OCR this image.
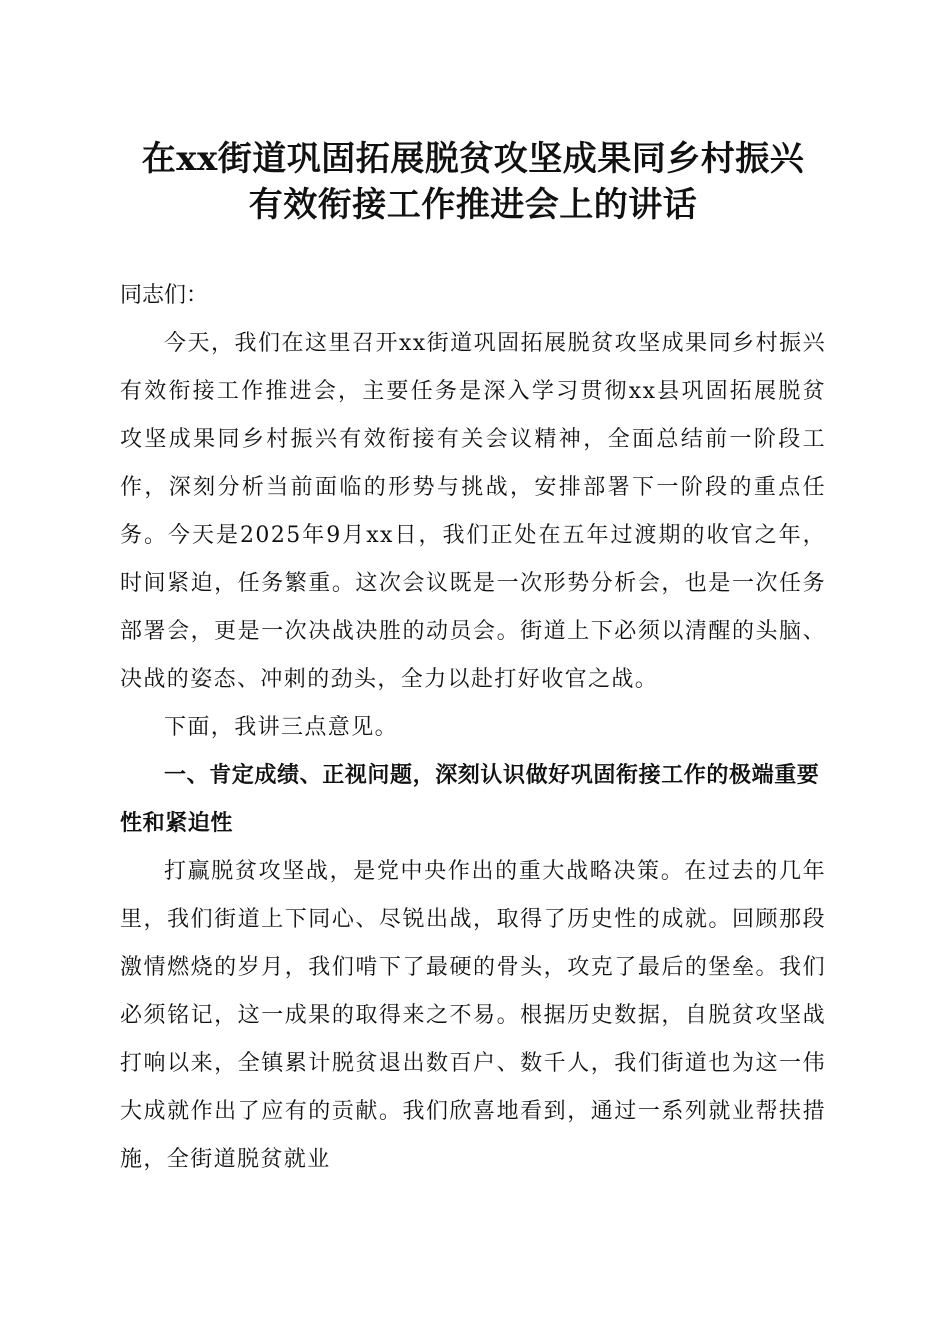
在xx街道巩固拓展脱贫攻坚成果同乡村振兴
有效衔接工作推进会上的讲话
同志们：

今天，我们在这里召开xx街道巩固拓展脱贫攻坚成果同乡村振兴有效衔接工作推进会，主要任务是深入学习贯彻xx县巩固拓展脱贫攻坚成果同乡村振兴有效衔接有关会议精神，全面总结前一阶段工作，深刻分析当前面临的形势与挑战，安排部署下一阶段的重点任务。今天是2025年9月xx日，我们正处在五年过渡期的收官之年，时间紧迫，任务繁重。这次会议既是一次形势分析会，也是一次任务部署会，更是一次决战决胜的动员会。街道上下必须以清醒的头脑、决战的姿态、冲刺的劲头，全力以赴打好收官之战。

下面，我讲三点意见。

一、肯定成绩、正视问题，深刻认识做好巩固衔接工作的极端重要性和紧迫性

打赢脱贫攻坚战，是党中央作出的重大战略决策。在过去的几年里，我们街道上下同心、尽锐出战，取得了历史性的成就。回顾那段激情燃烧的岁月，我们啃下了最硬的骨头，攻克了最后的堡垒。我们必须铭记，这一成果的取得来之不易。根据历史数据，自脱贫攻坚战打响以来，全镇累计脱贫退出数百户、数千人，我们街道也为这一伟大成就作出了应有的贡献。我们欣喜地看到，通过一系列就业帮扶措施，全街道脱贫就业
